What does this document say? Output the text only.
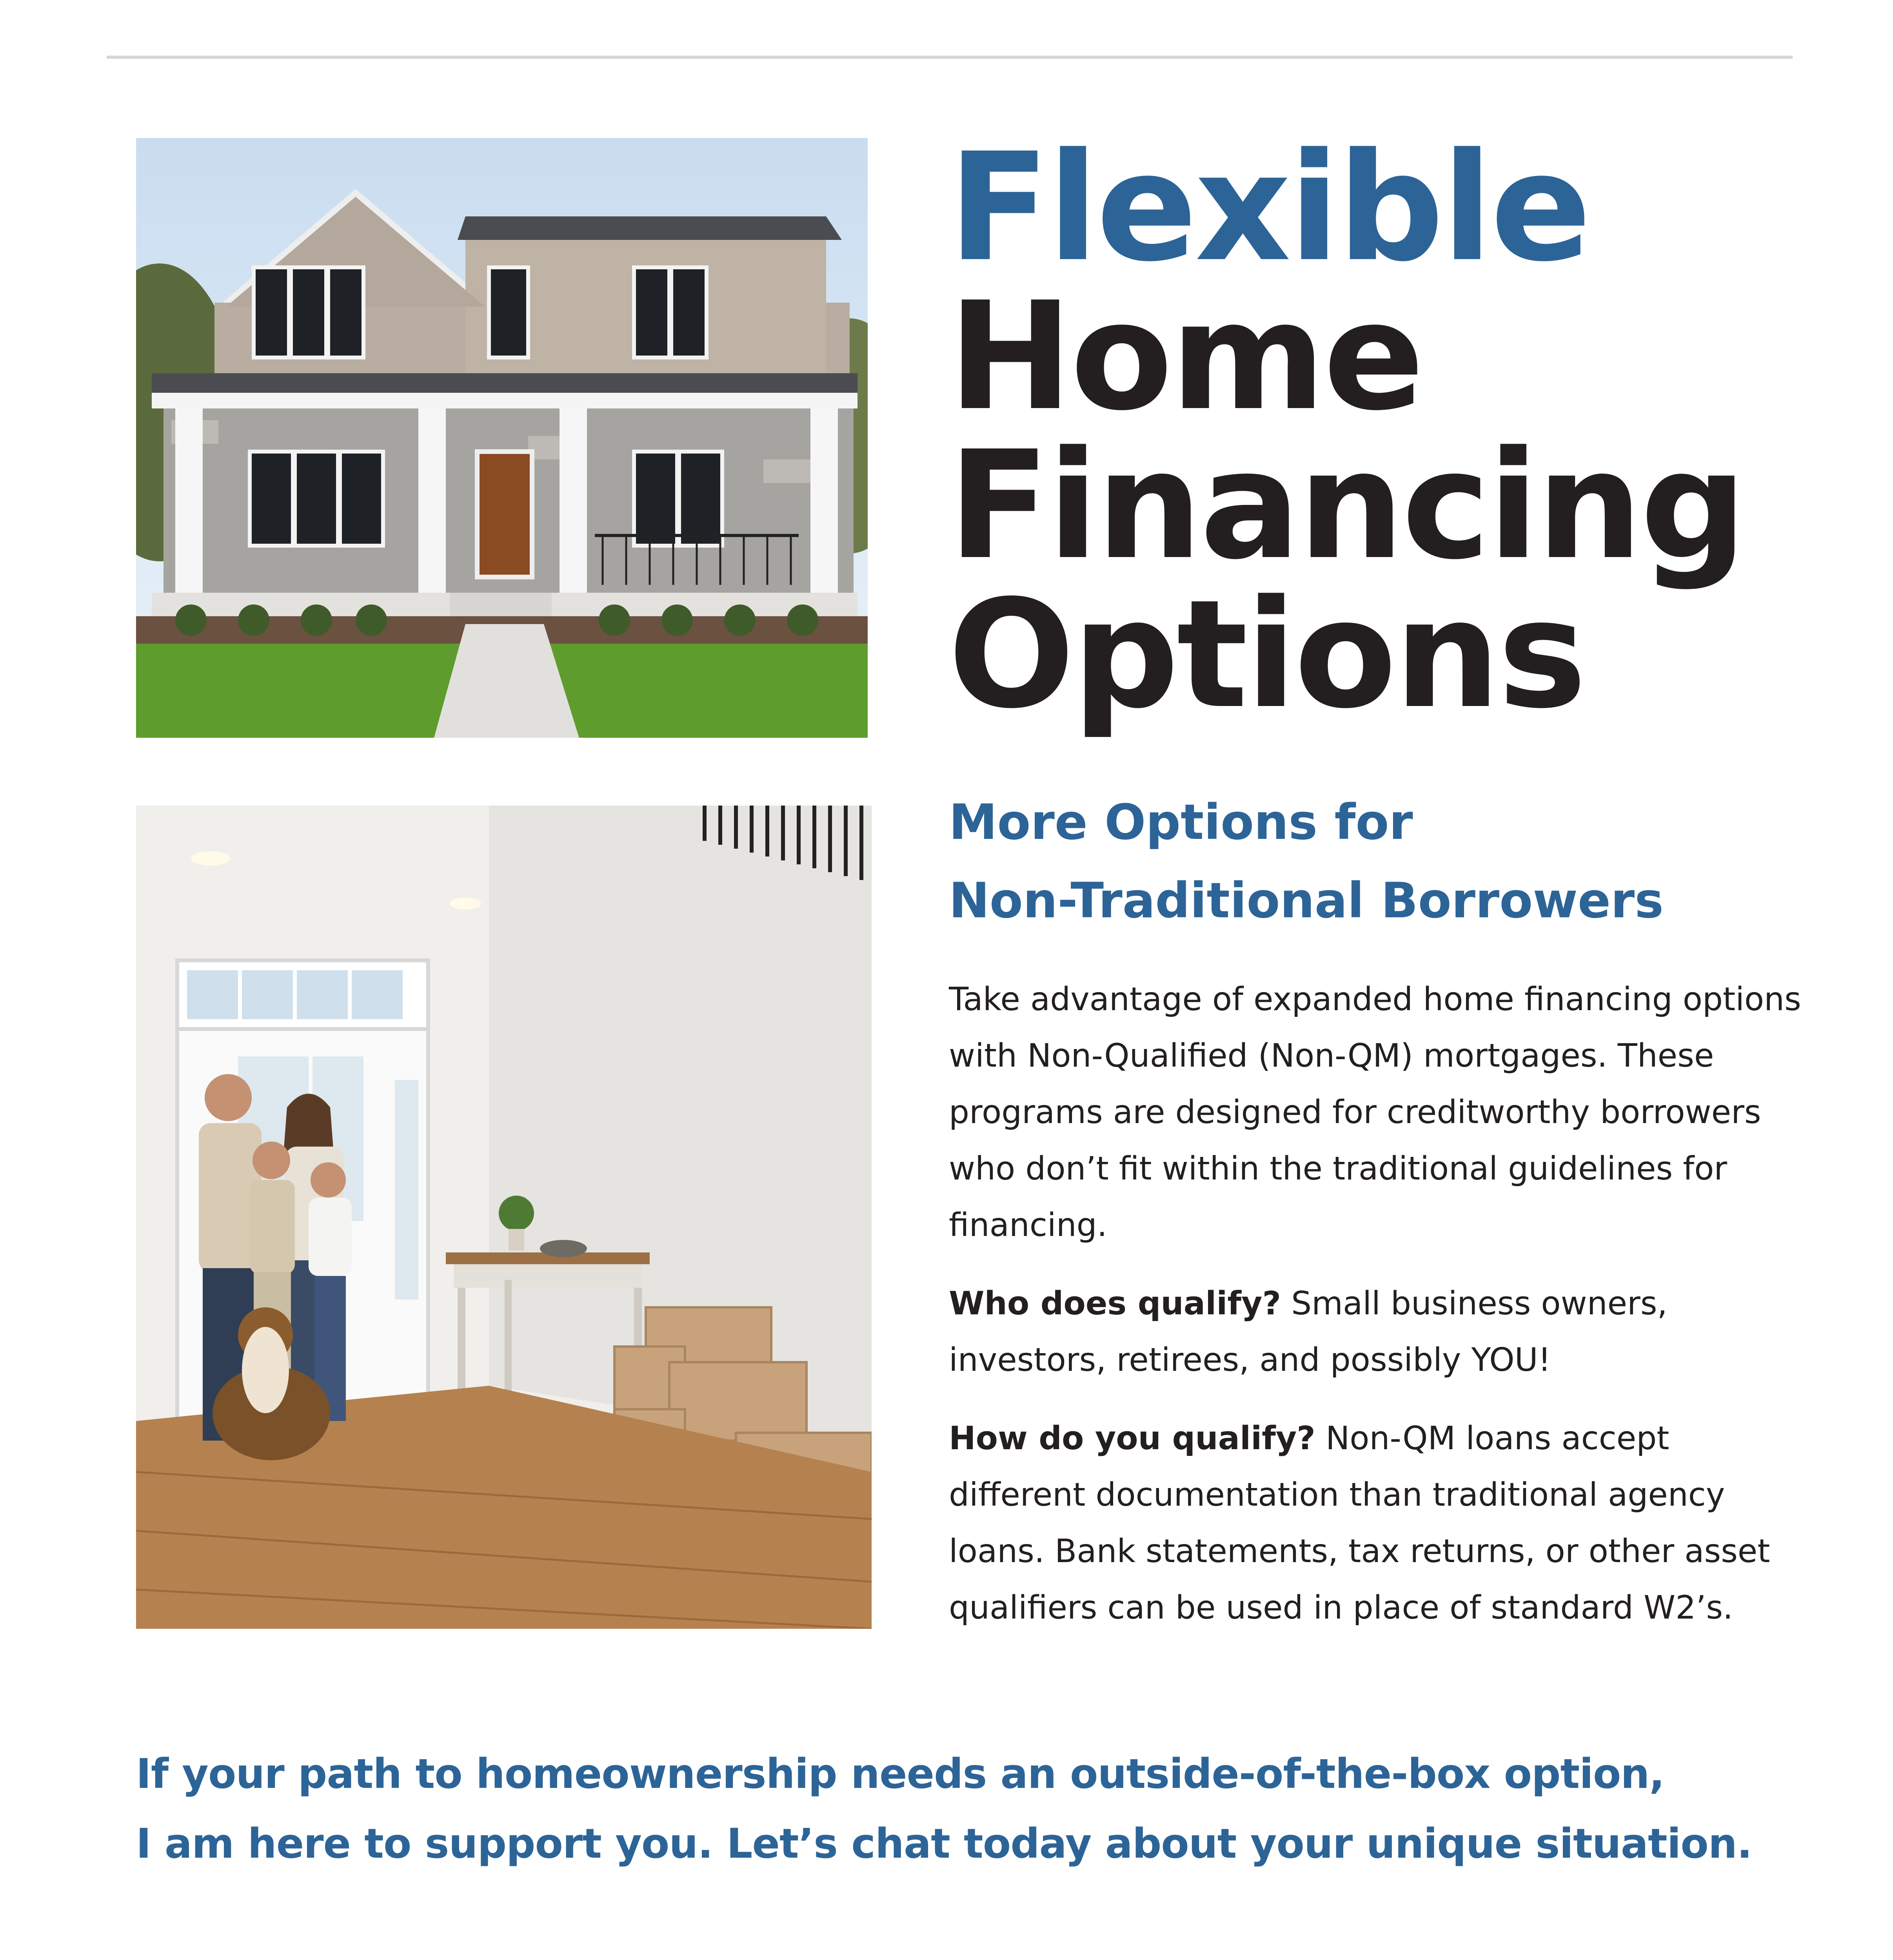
Flexible
Home
Financing
Options
More Options for
Non-Traditional Borrowers

Take advantage of expanded home financing options with Non-Qualified (Non-QM) mortgages. These programs are designed for creditworthy borrowers who don’t fit within the traditional guidelines for financing.

Who does qualify? Small business owners, investors, retirees, and possibly YOU!

How do you qualify? Non-QM loans accept different documentation than traditional agency loans. Bank statements, tax returns, or other asset qualifiers can be used in place of standard W2’s.

If your path to homeownership needs an outside-of-the-box option,
I am here to support you. Let’s chat today about your unique situation.
